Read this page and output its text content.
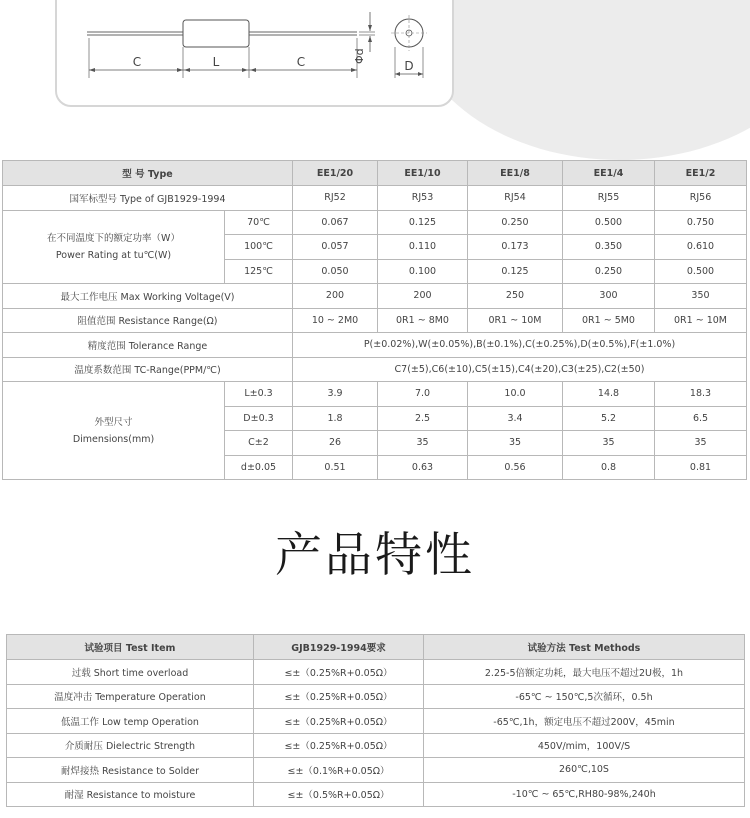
C	L	C	Φd
D
型 号 Type		EE1/20	EE1/10	EE1/8	EE1/4	EE1/2
国军标型号 Type of GJB1929-1994		RJ52	RJ53	RJ54	RJ55	RJ56

在不同温度下的额定功率（W）
Power Rating at tu℃(W)	70℃	0.067	0.125	0.250	0.500	0.750
	100℃	0.057	0.110	0.173	0.350	0.610
	125℃	0.050	0.100	0.125	0.250	0.500
最大工作电压 Max Working Voltage(V)		200	200	250	300	350
阻值范围 Resistance Range(Ω)		10 ~ 2M0	0R1 ~ 8M0	0R1 ~ 10M	0R1 ~ 5M0	0R1 ~ 10M
精度范围 Tolerance Range		P(±0.02%),W(±0.05%),B(±0.1%),C(±0.25%),D(±0.5%),F(±1.0%)				
温度系数范围 TC-Range(PPM/℃)		C7(±5),C6(±10),C5(±15),C4(±20),C3(±25),C2(±50)				

外型尺寸
Dimensions(mm)	L±0.3	3.9	7.0	10.0	14.8	18.3
	D±0.3	1.8	2.5	3.4	5.2	6.5
	C±2	26	35	35	35	35
	d±0.05	0.51	0.63	0.56	0.8	0.81
产品特性
试验项目 Test Item	GJB1929-1994要求	试验方法 Test Methods
过载 Short time overload	≤±（0.25%R+0.05Ω）	2.25-5倍额定功耗，最大电压不超过2U极，1h
温度冲击 Temperature Operation	≤±（0.25%R+0.05Ω）	-65℃ ~ 150℃,5次循环，0.5h
低温工作 Low temp Operation	≤±（0.25%R+0.05Ω）	-65℃,1h，额定电压不超过200V，45min
介质耐压 Dielectric Strength	≤±（0.25%R+0.05Ω）	450V/mim，100V/S
耐焊接热 Resistance to Solder	≤±（0.1%R+0.05Ω）	260℃,10S
耐湿 Resistance to moisture	≤±（0.5%R+0.05Ω）	-10℃ ~ 65℃,RH80-98%,240h
